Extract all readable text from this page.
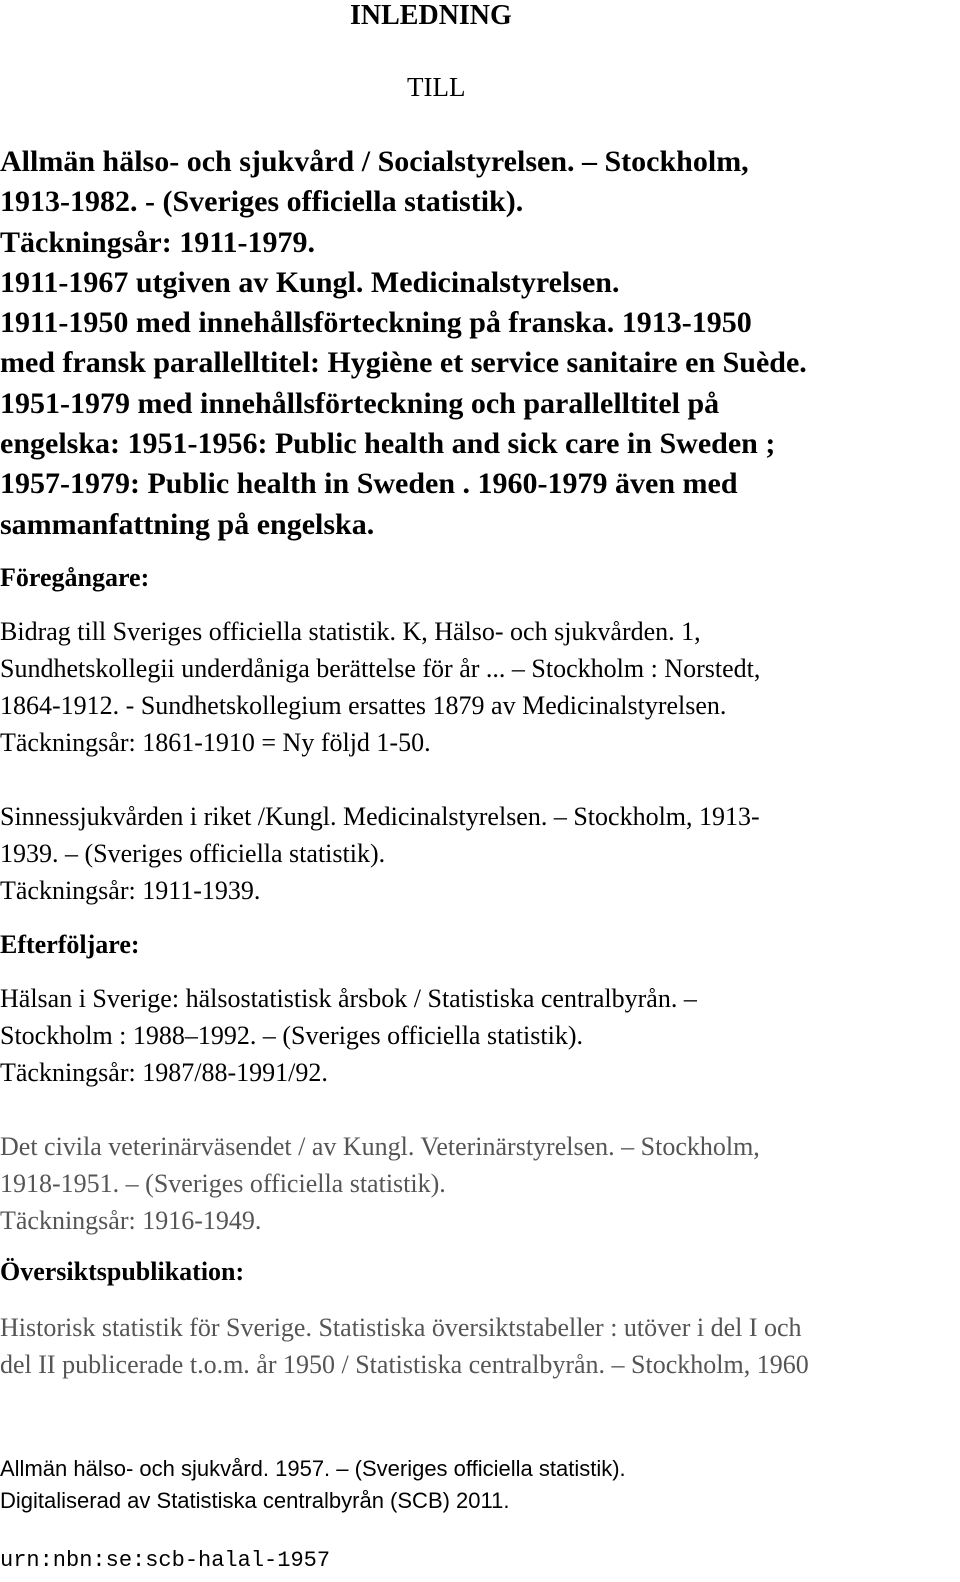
INLEDNING
TILL

Allmän hälso- och sjukvård / Socialstyrelsen. – Stockholm,

1913-1982. - (Sveriges officiella statistik).

Täckningsår: 1911-1979.

1911-1967 utgiven av Kungl. Medicinalstyrelsen.

1911-1950 med innehållsförteckning på franska. 1913-1950

med fransk parallelltitel: Hygiène et service sanitaire en Suède.

1951-1979 med innehållsförteckning och parallelltitel på

engelska: 1951-1956: Public health and sick care in Sweden ;

1957-1979: Public health in Sweden . 1960-1979 även med

sammanfattning på engelska.

Föregångare:

Bidrag till Sveriges officiella statistik. K, Hälso- och sjukvården. 1,

Sundhetskollegii underdåniga berättelse för år ... – Stockholm : Norstedt,

1864-1912. - Sundhetskollegium ersattes 1879 av Medicinalstyrelsen.

Täckningsår: 1861-1910 = Ny följd 1-50.

Sinnessjukvården i riket /Kungl. Medicinalstyrelsen. – Stockholm, 1913-

1939. – (Sveriges officiella statistik).

Täckningsår: 1911-1939.

Efterföljare:

Hälsan i Sverige: hälsostatistisk årsbok / Statistiska centralbyrån. –

Stockholm : 1988–1992. – (Sveriges officiella statistik).

Täckningsår: 1987/88-1991/92.

Det civila veterinärväsendet / av Kungl. Veterinärstyrelsen. – Stockholm,

1918-1951. – (Sveriges officiella statistik).

Täckningsår: 1916-1949.

Översiktspublikation:

Historisk statistik för Sverige. Statistiska översiktstabeller : utöver i del I och

del II publicerade t.o.m. år 1950 / Statistiska centralbyrån. – Stockholm, 1960

Allmän hälso- och sjukvård. 1957. – (Sveriges officiella statistik).

Digitaliserad av Statistiska centralbyrån (SCB) 2011.

urn:nbn:se:scb-halal-1957
